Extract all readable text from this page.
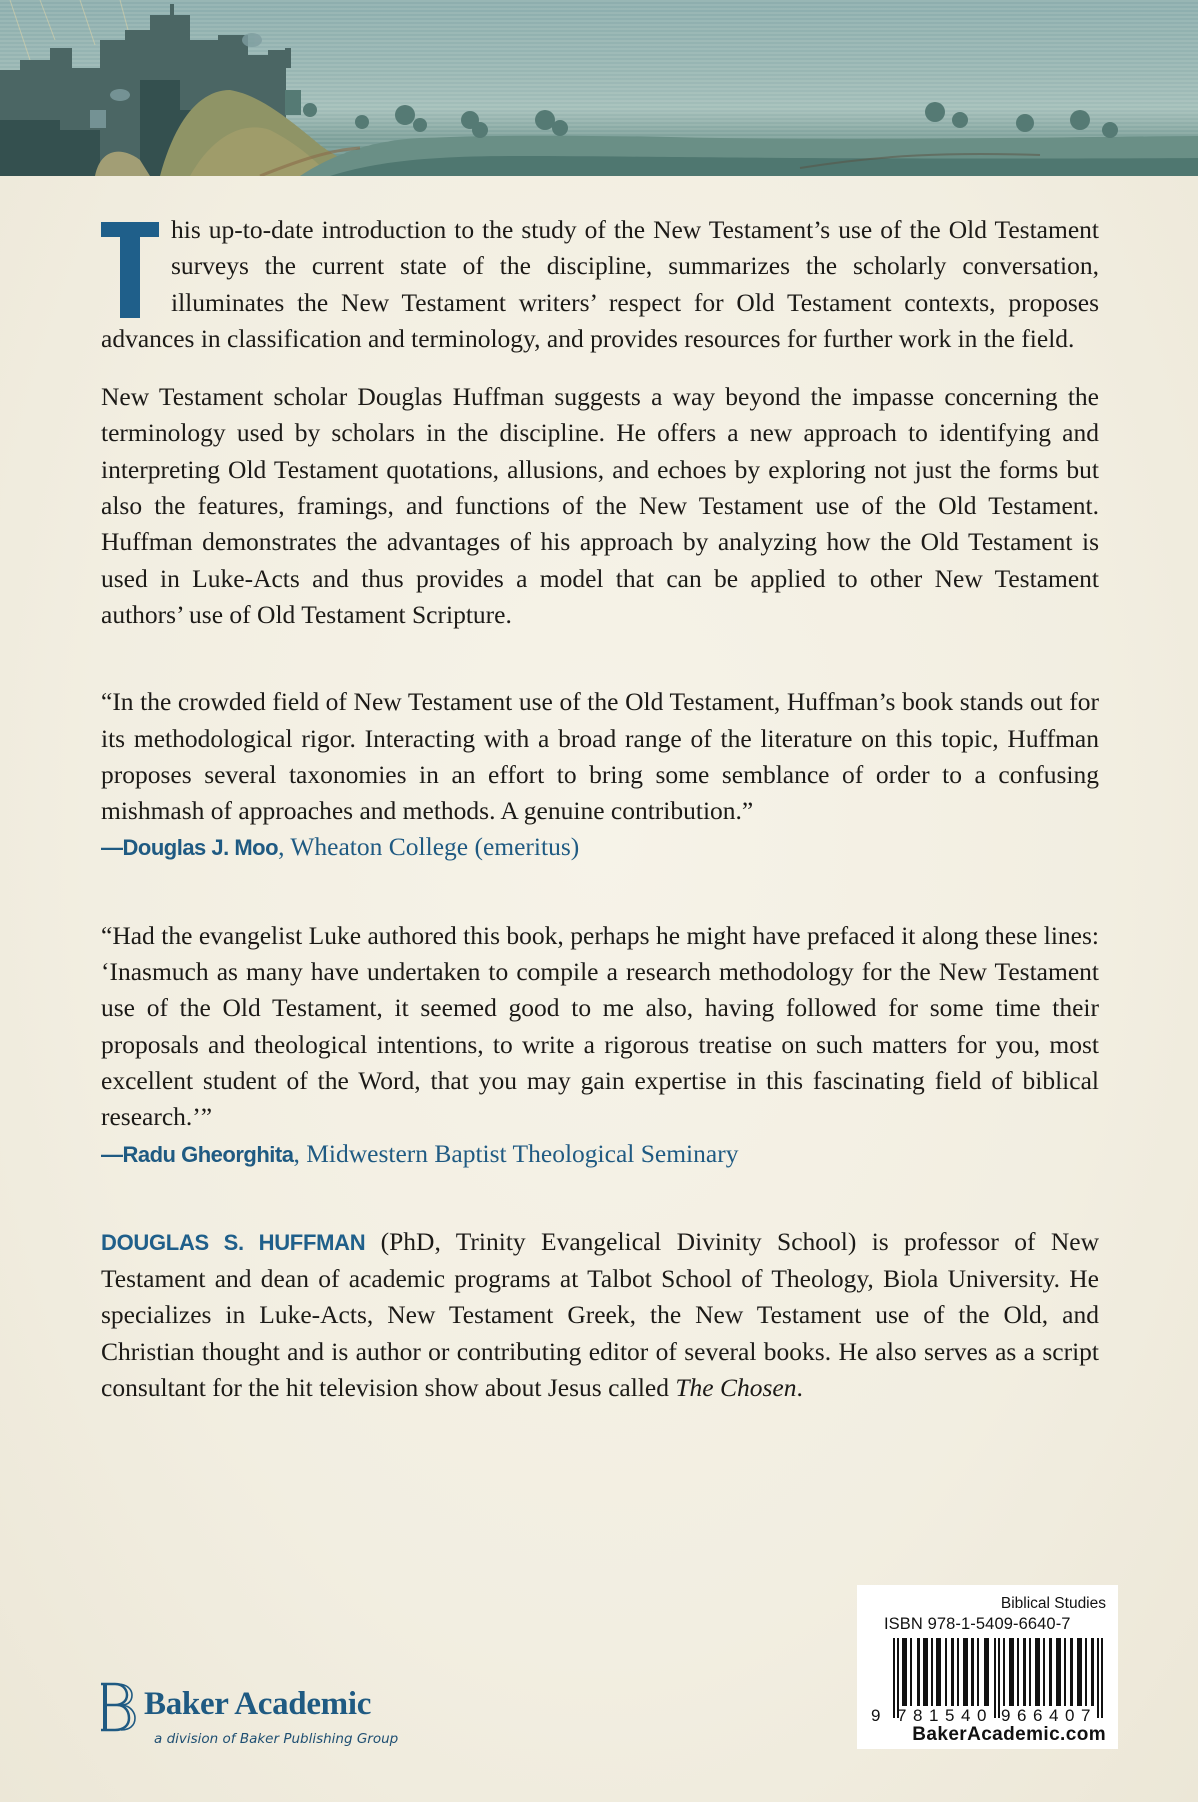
his up-to-date introduction to the study of the New Testament’s use of the Old Testament surveys the current state of the discipline, summarizes the scholarly conversation, illuminates the New Testament writers’ respect for Old Testament contexts, proposes advances in classification and terminology, and provides resources for further work in the field.

New Testament scholar Douglas Huffman suggests a way beyond the impasse concerning the terminology used by scholars in the discipline. He offers a new approach to identifying and interpreting Old Testament quotations, allusions, and echoes by exploring not just the forms but also the features, framings, and functions of the New Testament use of the Old Testament. Huffman demonstrates the advantages of his approach by analyzing how the Old Testament is used in Luke-Acts and thus provides a model that can be applied to other New Testament authors’ use of Old Testament Scripture.

“In the crowded field of New Testament use of the Old Testament, Huffman’s book stands out for its methodological rigor. Interacting with a broad range of the literature on this topic, Huffman proposes several taxonomies in an effort to bring some semblance of order to a confusing mishmash of approaches and methods. A genuine contribution.”

—Douglas J. Moo, Wheaton College (emeritus)

“Had the evangelist Luke authored this book, perhaps he might have prefaced it along these lines: ‘Inasmuch as many have undertaken to compile a research methodology for the New Testament use of the Old Testament, it seemed good to me also, having followed for some time their proposals and theological intentions, to write a rigorous treatise on such matters for you, most excellent student of the Word, that you may gain expertise in this fascinating field of biblical research.’”

—Radu Gheorghita, Midwestern Baptist Theological Seminary

DOUGLAS S. HUFFMAN (PhD, Trinity Evangelical Divinity School) is professor of New Testament and dean of academic programs at Talbot School of Theology, Biola University. He specializes in Luke-Acts, New Testament Greek, the New Testament use of the Old, and Christian thought and is author or contributing editor of several books. He also serves as a script consultant for the hit television show about Jesus called The Chosen.

Baker Academic
a division of Baker Publishing Group
Biblical Studies
ISBN 978-1-5409-6640-7
9 7 8 1 5 4 0 9 6 6 4 0 7
BakerAcademic.com
